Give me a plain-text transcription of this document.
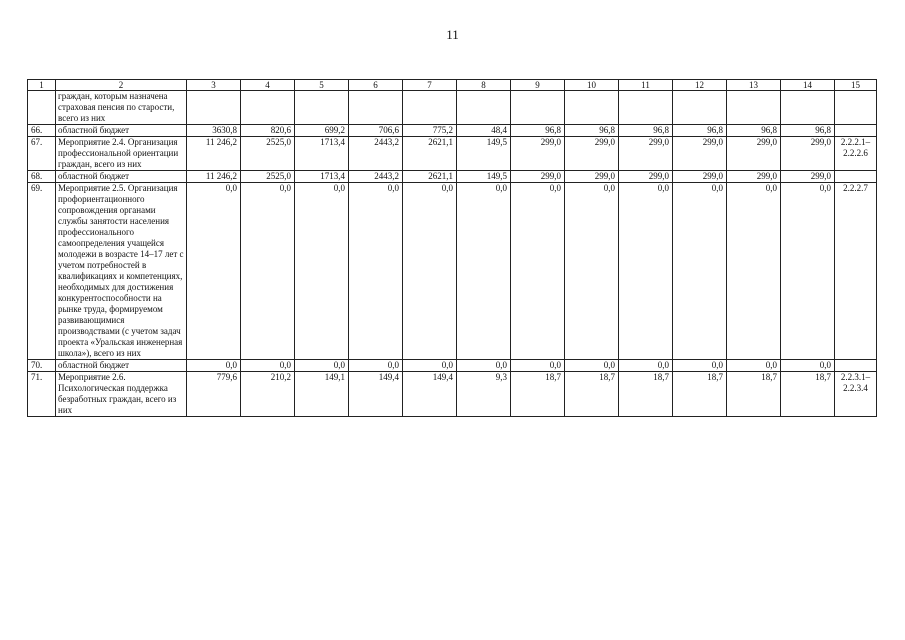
11
1	2	3	4	5	6	7	8	9	10	11	12	13	14	15
	граждан, которым назначена страховая пенсия по старости, всего из них													
66.	областной бюджет	3630,8	820,6	699,2	706,6	775,2	48,4	96,8	96,8	96,8	96,8	96,8	96,8	
67.	Мероприятие 2.4. Организация профессиональной ориентации граждан, всего из них	11 246,2	2525,0	1713,4	2443,2	2621,1	149,5	299,0	299,0	299,0	299,0	299,0	299,0	2.2.2.1–2.2.2.6
68.	областной бюджет	11 246,2	2525,0	1713,4	2443,2	2621,1	149,5	299,0	299,0	299,0	299,0	299,0	299,0	
69.	Мероприятие 2.5. Организация профориентационного сопровождения органами службы занятости населения профессионального самоопределения учащейся молодежи в возрасте 14–17 лет с учетом потребностей в квалификациях и компетенциях, необходимых для достижения конкурентоспособности на рынке труда, формируемом развивающимися производствами (с учетом задач проекта «Уральская инженерная школа»), всего из них	0,0	0,0	0,0	0,0	0,0	0,0	0,0	0,0	0,0	0,0	0,0	0,0	2.2.2.7
70.	областной бюджет	0,0	0,0	0,0	0,0	0,0	0,0	0,0	0,0	0,0	0,0	0,0	0,0	
71.	Мероприятие 2.6. Психологическая поддержка безработных граждан, всего из них	779,6	210,2	149,1	149,4	149,4	9,3	18,7	18,7	18,7	18,7	18,7	18,7	2.2.3.1–2.2.3.4
